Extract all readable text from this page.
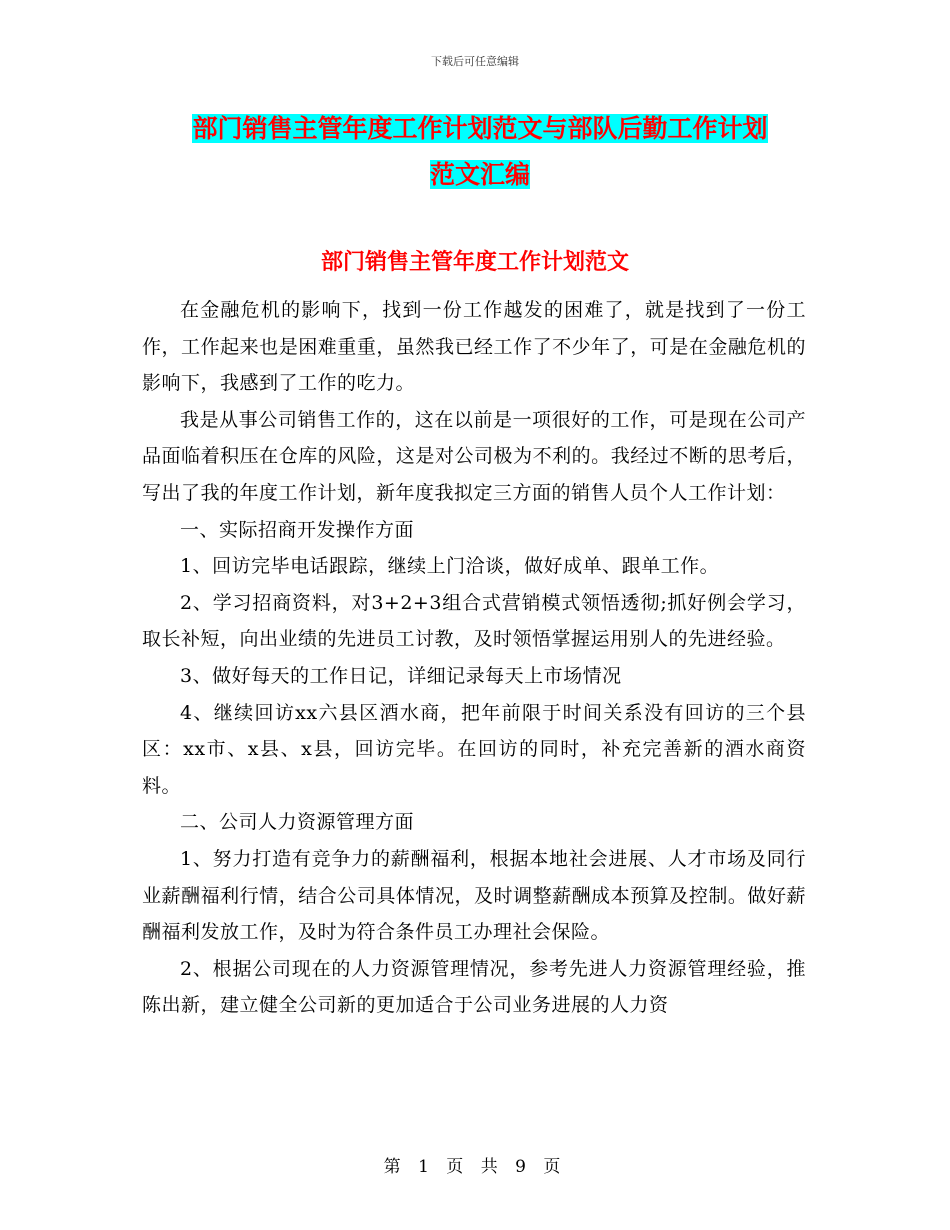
下载后可任意编辑
部门销售主管年度工作计划范文与部队后勤工作计划
范文汇编
部门销售主管年度工作计划范文

在金融危机的影响下，找到一份工作越发的困难了，就是找到了一份工作，工作起来也是困难重重，虽然我已经工作了不少年了，可是在金融危机的影响下，我感到了工作的吃力。

我是从事公司销售工作的，这在以前是一项很好的工作，可是现在公司产品面临着积压在仓库的风险，这是对公司极为不利的。我经过不断的思考后，写出了我的年度工作计划，新年度我拟定三方面的销售人员个人工作计划：

一、实际招商开发操作方面

1、回访完毕电话跟踪，继续上门洽谈，做好成单、跟单工作。

2、学习招商资料，对3+2+3组合式营销模式领悟透彻;抓好例会学习，取长补短，向出业绩的先进员工讨教，及时领悟掌握运用别人的先进经验。

3、做好每天的工作日记，详细记录每天上市场情况

4、继续回访xx六县区酒水商，把年前限于时间关系没有回访的三个县区：xx市、x县、x县，回访完毕。在回访的同时，补充完善新的酒水商资料。

二、公司人力资源管理方面

1、努力打造有竞争力的薪酬福利，根据本地社会进展、人才市场及同行业薪酬福利行情，结合公司具体情况，及时调整薪酬成本预算及控制。做好薪酬福利发放工作，及时为符合条件员工办理社会保险。

2、根据公司现在的人力资源管理情况，参考先进人力资源管理经验，推陈出新，建立健全公司新的更加适合于公司业务进展的人力资

第 1 页 共 9 页
